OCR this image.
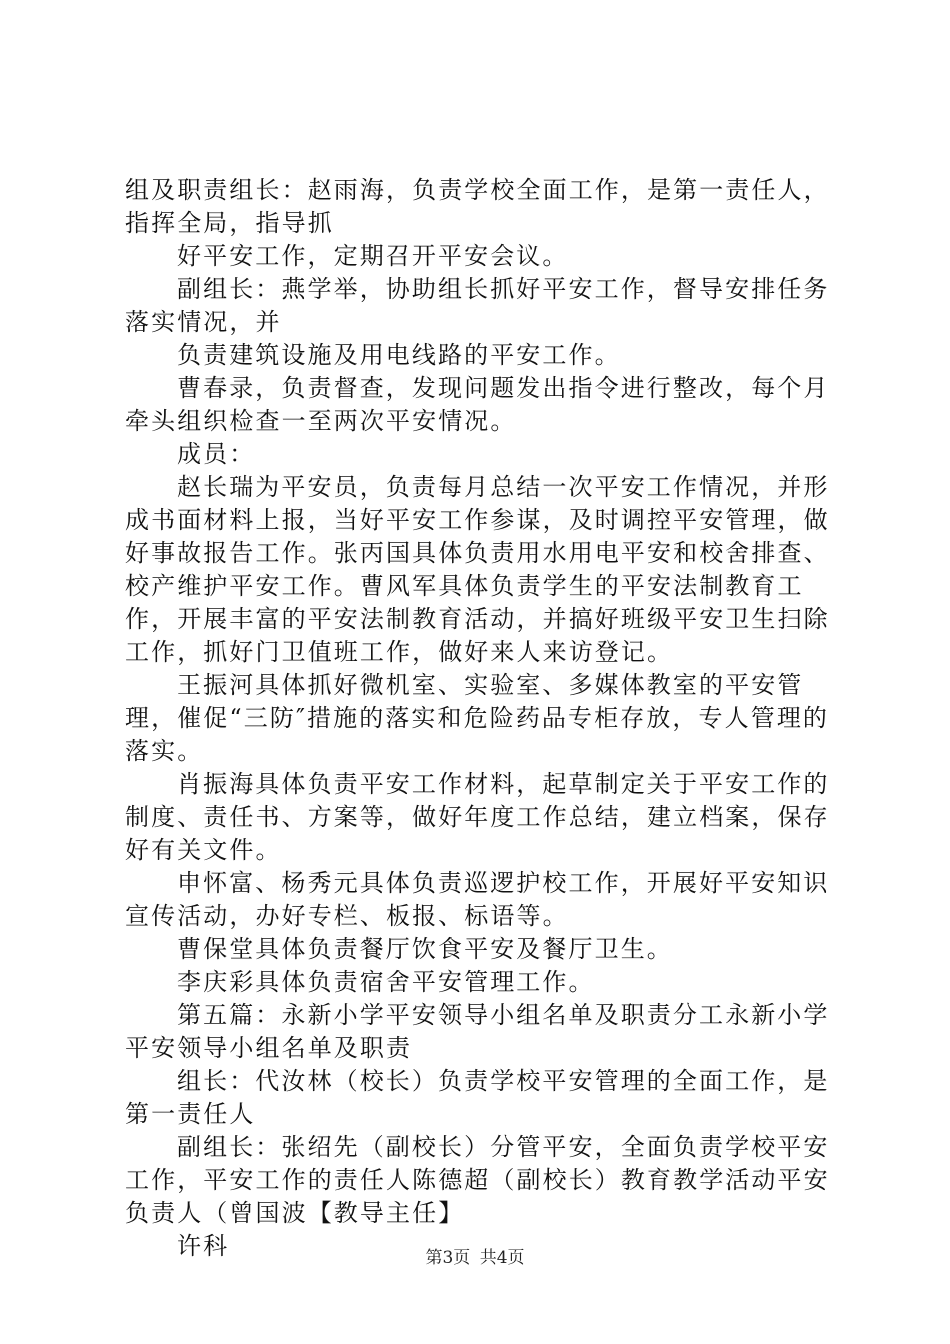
组及职责组长：赵雨海，负责学校全面工作，是第一责任人，指挥全局，指导抓

好平安工作，定期召开平安会议。

副组长：燕学举，协助组长抓好平安工作，督导安排任务落实情况，并

负责建筑设施及用电线路的平安工作。

曹春录，负责督查，发现问题发出指令进行整改，每个月牵头组织检查一至两次平安情况。

成员：

赵长瑞为平安员，负责每月总结一次平安工作情况，并形成书面材料上报，当好平安工作参谋，及时调控平安管理，做好事故报告工作。张丙国具体负责用水用电平安和校舍排查、校产维护平安工作。曹风军具体负责学生的平安法制教育工作，开展丰富的平安法制教育活动，并搞好班级平安卫生扫除工作，抓好门卫值班工作，做好来人来访登记。

王振河具体抓好微机室、实验室、多媒体教室的平安管理，催促“三防″措施的落实和危险药品专柜存放，专人管理的落实。

肖振海具体负责平安工作材料，起草制定关于平安工作的制度、责任书、方案等，做好年度工作总结，建立档案，保存好有关文件。

申怀富、杨秀元具体负责巡逻护校工作，开展好平安知识宣传活动，办好专栏、板报、标语等。

曹保堂具体负责餐厅饮食平安及餐厅卫生。

李庆彩具体负责宿舍平安管理工作。

第五篇：永新小学平安领导小组名单及职责分工永新小学平安领导小组名单及职责

组长：代汝林（校长）负责学校平安管理的全面工作，是第一责任人

副组长：张绍先（副校长）分管平安，全面负责学校平安工作，平安工作的责任人陈德超（副校长）教育教学活动平安负责人（曾国波【教导主任】

许科	第3页 共4页
